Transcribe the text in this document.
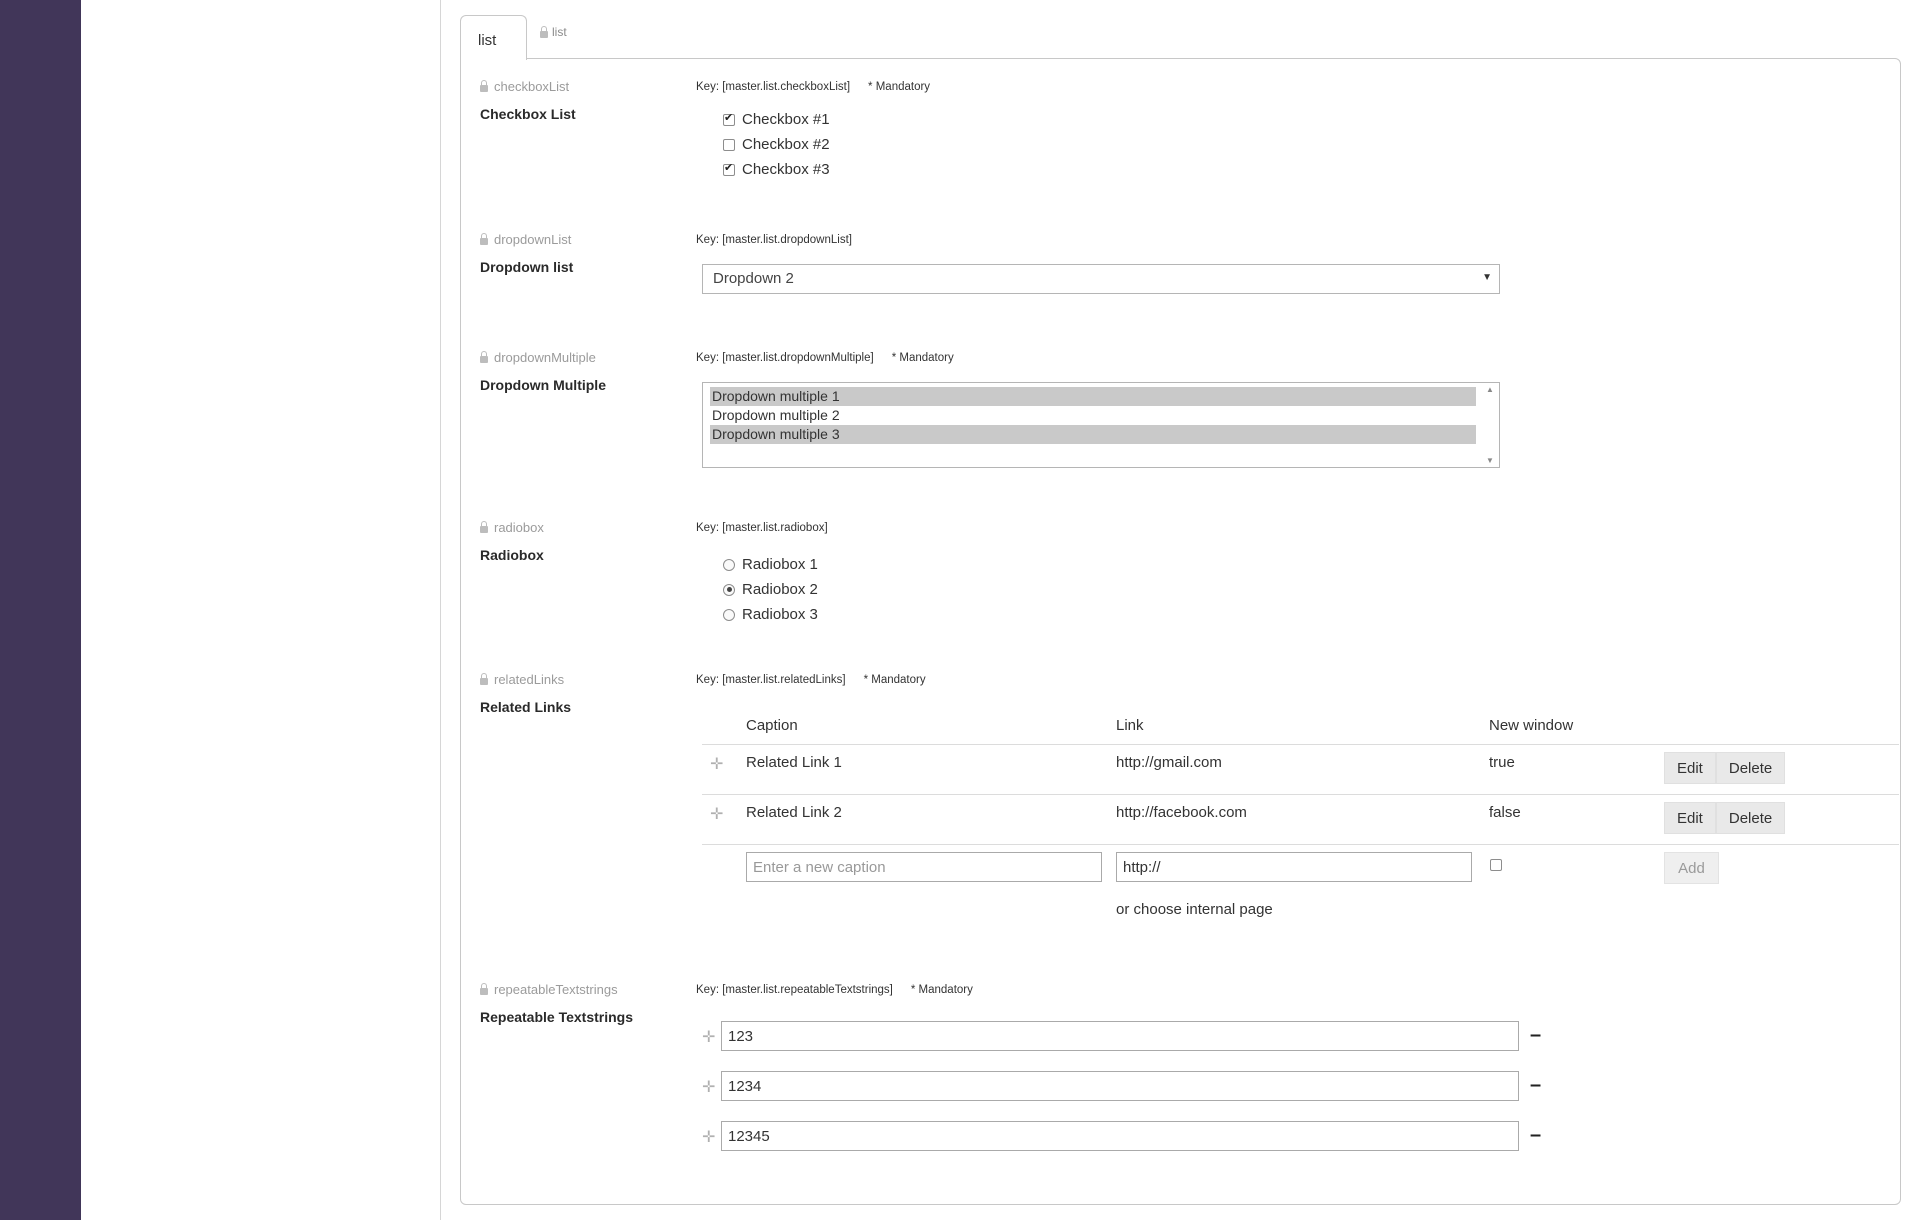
list	list
checkboxList
Checkbox List
Key: [master.list.checkboxList] * Mandatory
✔
Checkbox #1
Checkbox #2
✔
Checkbox #3
dropdownList
Dropdown list
Key: [master.list.dropdownList]
Dropdown 2	▼
dropdownMultiple
Dropdown Multiple
Key: [master.list.dropdownMultiple] * Mandatory
Dropdown multiple 1
Dropdown multiple 2
Dropdown multiple 3
▲
▼
radiobox
Radiobox
Key: [master.list.radiobox]
Radiobox 1
Radiobox 2
Radiobox 3
relatedLinks
Related Links
Key: [master.list.relatedLinks] * Mandatory
Caption	Link	New window
✛ Related Link 1	http://gmail.com	true	Edit	Delete
✛ Related Link 2	http://facebook.com	false	Edit	Delete
Enter a new caption
http://
Add
or choose internal page
repeatableTextstrings
Repeatable Textstrings
Key: [master.list.repeatableTextstrings] * Mandatory
✛
123	–
✛
1234	–
✛
12345	–
